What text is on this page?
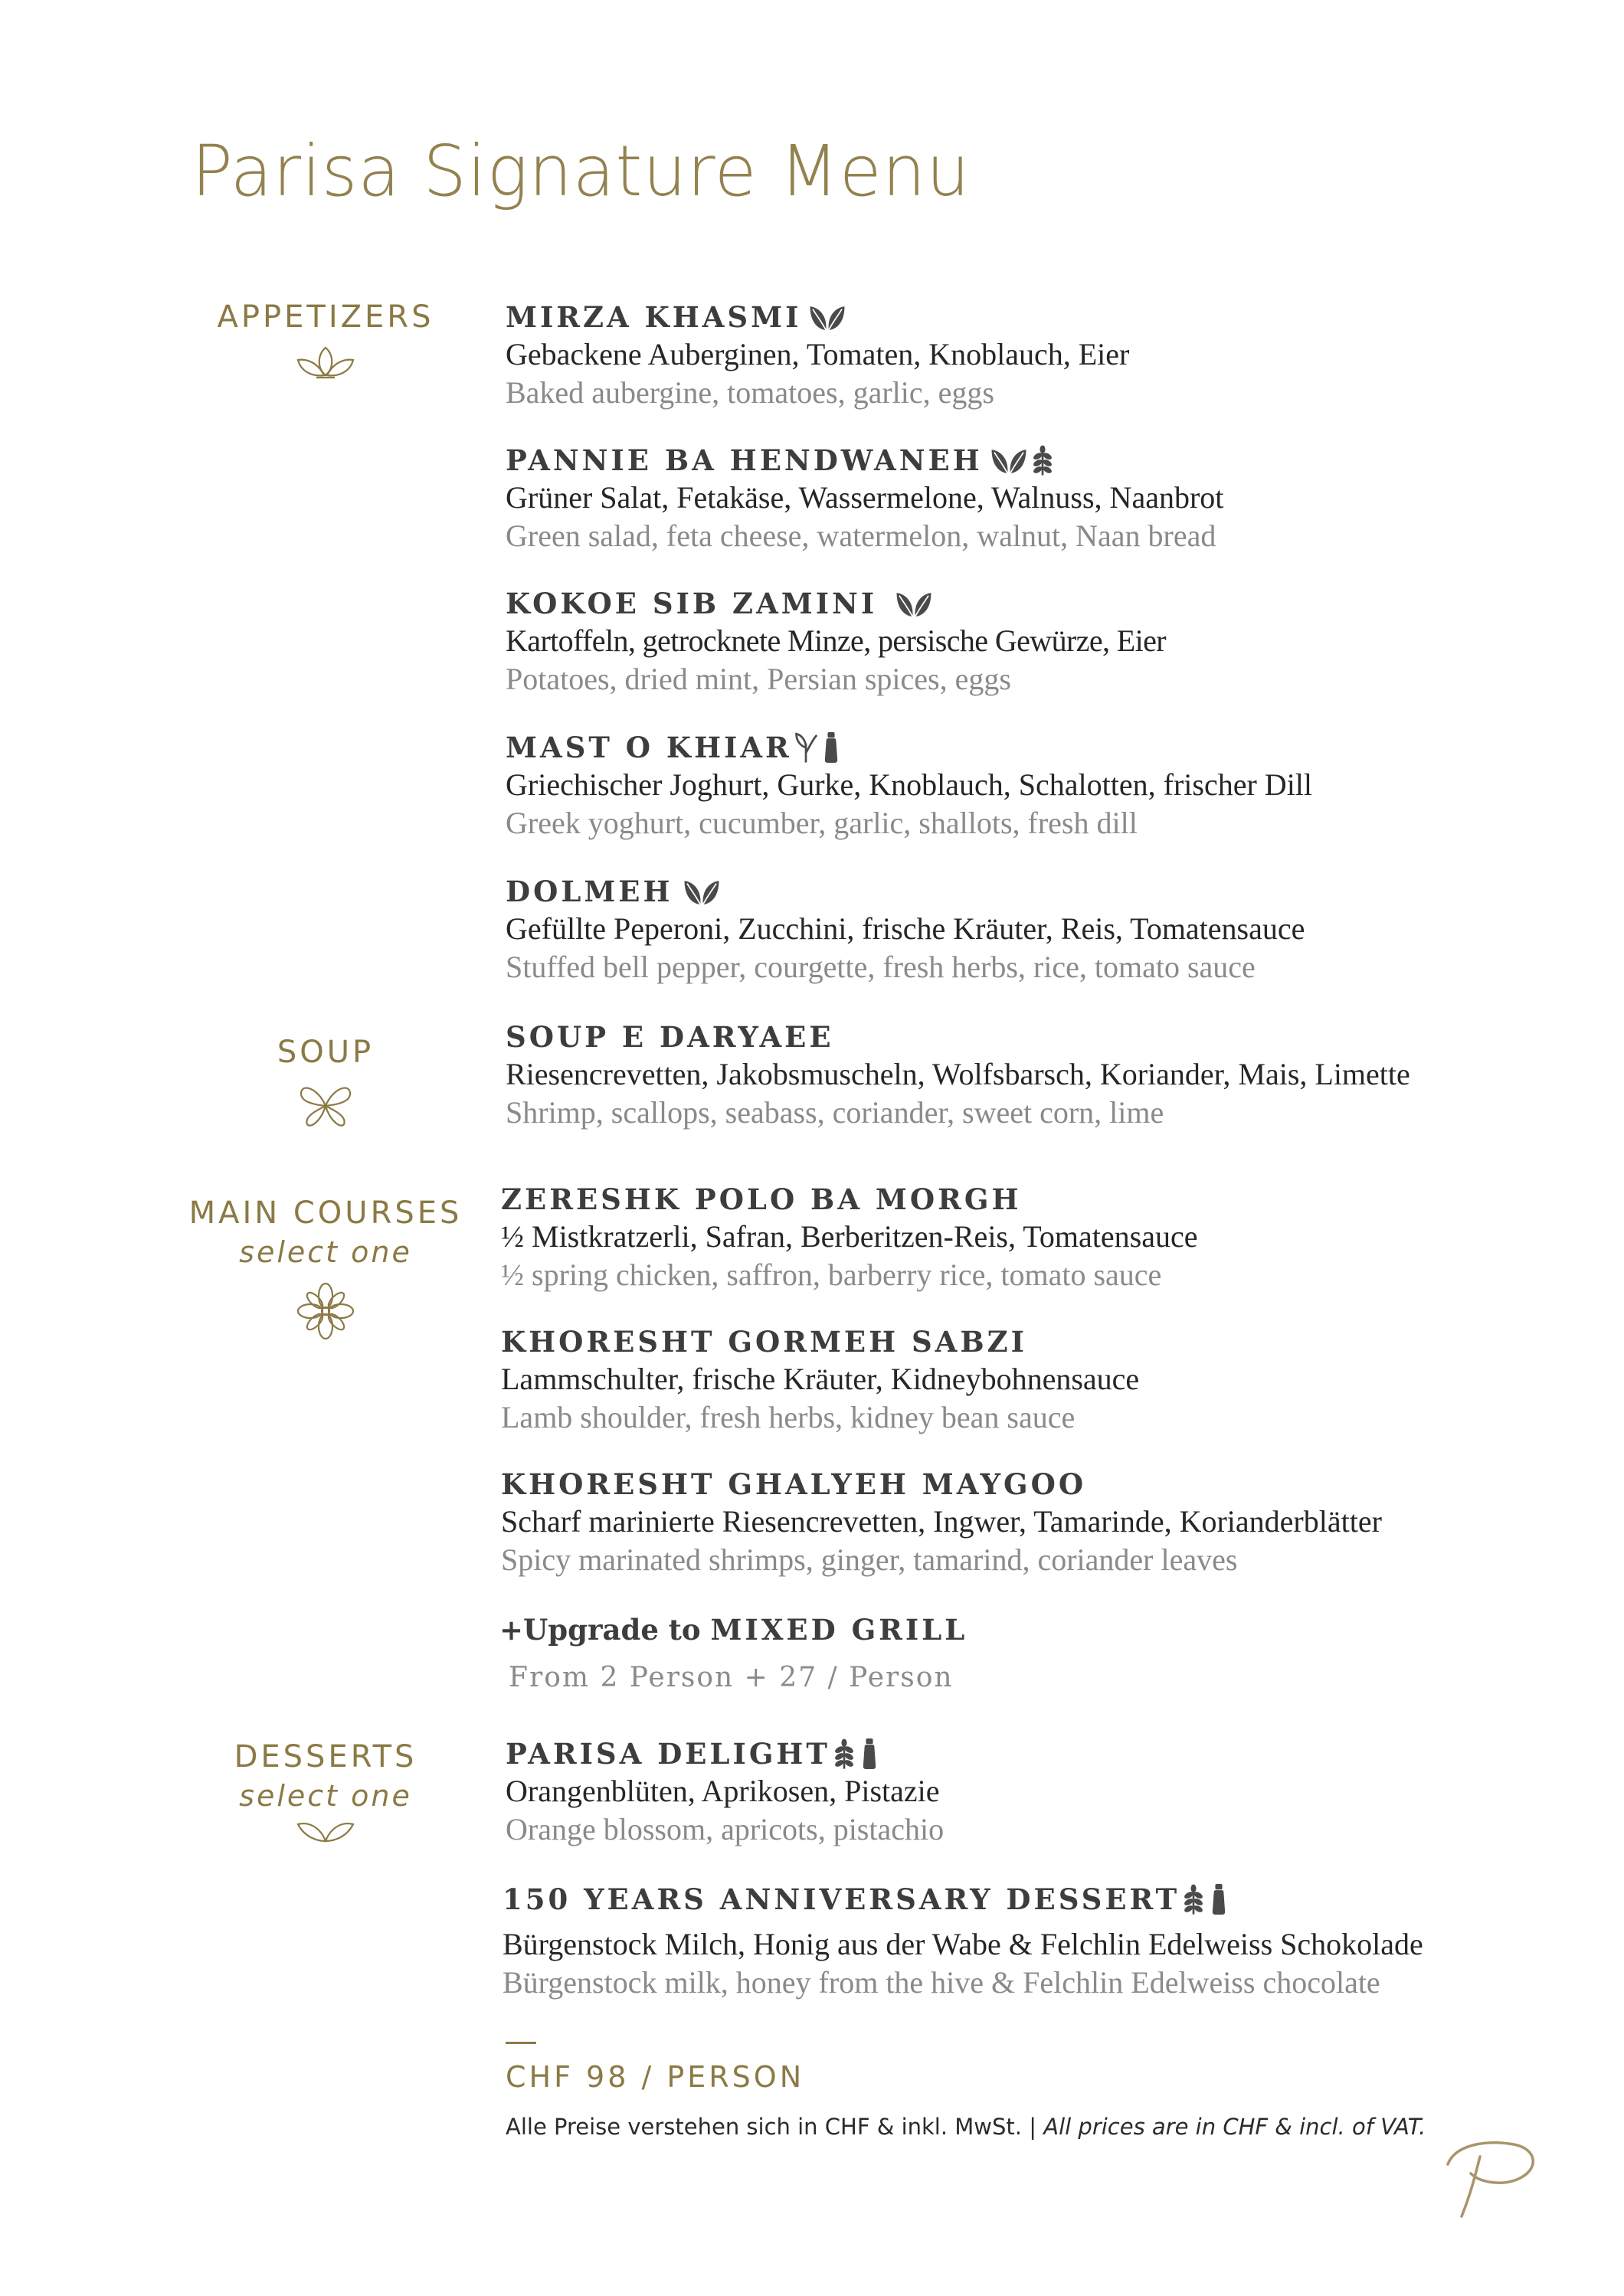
Parisa Signature Menu
APPETIZERS
SOUP
MAIN COURSES
select one
DESSERTS
select one
MIRZA KHASMI
Gebackene Auberginen, Tomaten, Knoblauch, Eier
Baked aubergine, tomatoes, garlic, eggs
PANNIE BA HENDWANEH
Grüner Salat, Fetakäse, Wassermelone, Walnuss, Naanbrot
Green salad, feta cheese, watermelon, walnut, Naan bread
KOKOE SIB ZAMINI
Kartoffeln, getrocknete Minze, persische Gewürze, Eier
Potatoes, dried mint, Persian spices, eggs
MAST O KHIAR
Griechischer Joghurt, Gurke, Knoblauch, Schalotten, frischer Dill
Greek yoghurt, cucumber, garlic, shallots, fresh dill
DOLMEH
Gefüllte Peperoni, Zucchini, frische Kräuter, Reis, Tomatensauce
Stuffed bell pepper, courgette, fresh herbs, rice, tomato sauce
SOUP E DARYAEE
Riesencrevetten, Jakobsmuscheln, Wolfsbarsch, Koriander, Mais, Limette
Shrimp, scallops, seabass, coriander, sweet corn, lime
ZERESHK POLO BA MORGH
½ Mistkratzerli, Safran, Berberitzen-Reis, Tomatensauce
½ spring chicken, saffron, barberry rice, tomato sauce
KHORESHT GORMEH SABZI
Lammschulter, frische Kräuter, Kidneybohnensauce
Lamb shoulder, fresh herbs, kidney bean sauce
KHORESHT GHALYEH MAYGOO
Scharf marinierte Riesencrevetten, Ingwer, Tamarinde, Korianderblätter
Spicy marinated shrimps, ginger, tamarind, coriander leaves
+Upgrade to MIXED GRILL
From 2 Person + 27 / Person
PARISA DELIGHT
Orangenblüten, Aprikosen, Pistazie
Orange blossom, apricots, pistachio
150 YEARS ANNIVERSARY DESSERT
Bürgenstock Milch, Honig aus der Wabe & Felchlin Edelweiss Schokolade
Bürgenstock milk, honey from the hive & Felchlin Edelweiss chocolate
CHF 98 / PERSON
Alle Preise verstehen sich in CHF & inkl. MwSt. | All prices are in CHF & incl. of VAT.
